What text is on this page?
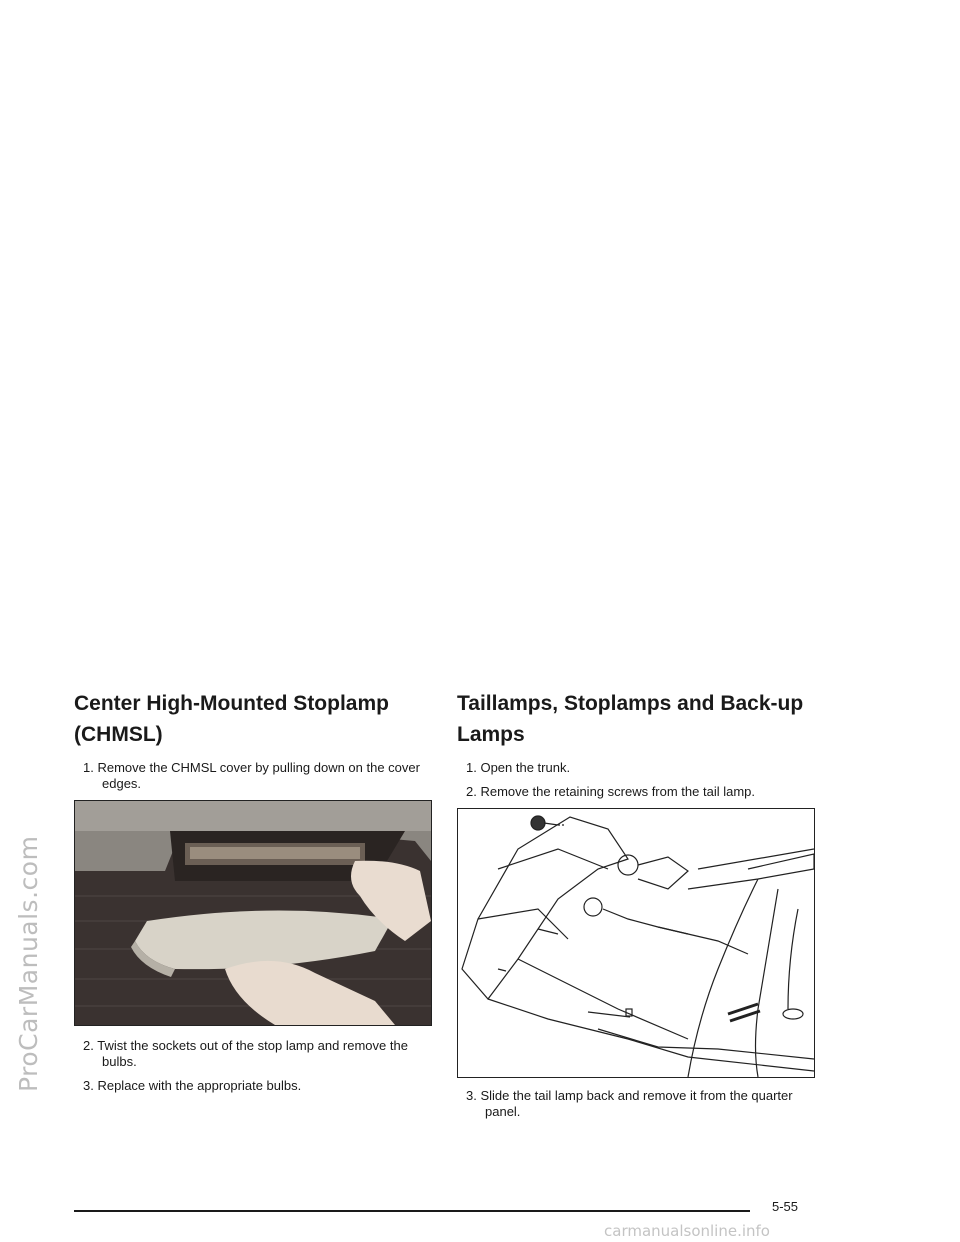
ProCarManuals.com
Center High-Mounted Stoplamp (CHMSL)

1. Remove the CHMSL cover by pulling down on the cover edges.

2. Twist the sockets out of the stop lamp and remove the bulbs.

3. Replace with the appropriate bulbs.

Taillamps, Stoplamps and Back-up Lamps

1. Open the trunk.

2. Remove the retaining screws from the tail lamp.

3. Slide the tail lamp back and remove it from the quarter panel.

5-55
carmanualsonline.info
